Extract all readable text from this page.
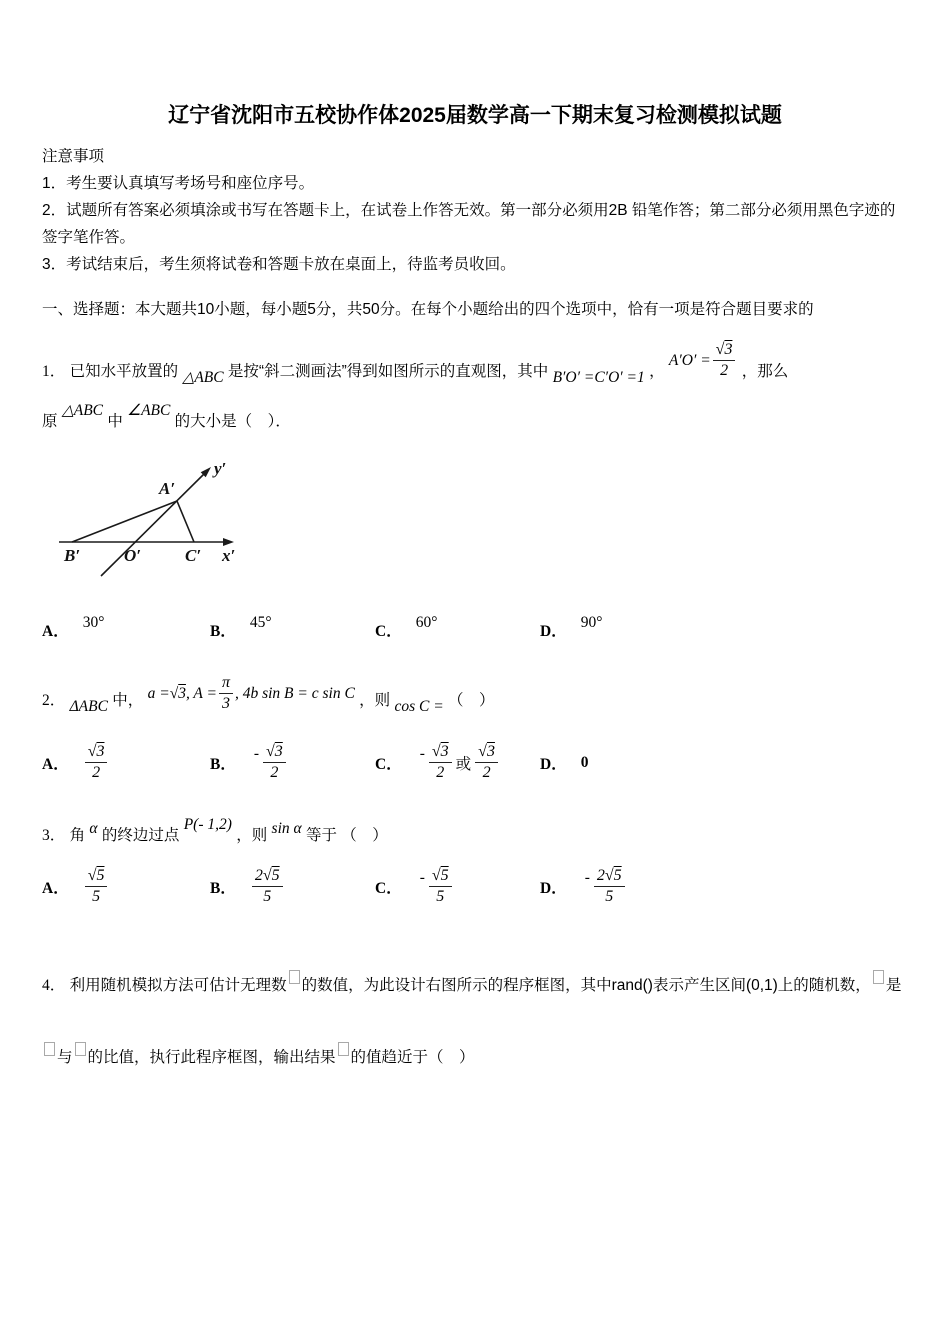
辽宁省沈阳市五校协作体2025届数学高一下期末复习检测模拟试题
注意事项
1．考生要认真填写考场号和座位序号。
2．试题所有答案必须填涂或书写在答题卡上，在试卷上作答无效。第一部分必须用2B 铅笔作答；第二部分必须用黑色字迹的签字笔作答。
3．考试结束后，考生须将试卷和答题卡放在桌面上，待监考员收回。
一、选择题：本大题共10小题，每小题5分，共50分。在每个小题给出的四个选项中，恰有一项是符合题目要求的
1． 已知水平放置的 △ABC 是按“斜二测画法”得到如图所示的直观图，其中 B′O′ =C′O′ =1 ， $A'O' = \frac{√3}{2}$ ，那么
原 △ABC 中 ∠ABC 的大小是（　）．
B′	O′	C′ x′
y′
A′
A．
30°
B．
45°
C．
60°
D．
90°
2． ΔABC 中， a =√3, $A = \frac{\pi}{3}$ , 4b sin B = c sin C ，则 cos C = （　）
A． $\frac{√3}{2}$	B．
- $\frac{√3}{2}$	C．
- $\frac{√3}{2}$ 或 $\frac{√3}{2}$	D． 0
3． 角 α 的终边过点 P(- 1,2) ，则 sin α 等于 （　）
A． $\frac{√5}{5}$	B． $\frac{2√5}{5}$	C．
- $\frac{√5}{5}$	D．
- $\frac{2√5}{5}$
4． 利用随机模拟方法可估计无理数 的数值，为此设计右图所示的程序框图，其中rand()表示产生区间(0,1)上的随机数， 是与 的比值，执行此程序框图，输出结果 的值趋近于（　）
